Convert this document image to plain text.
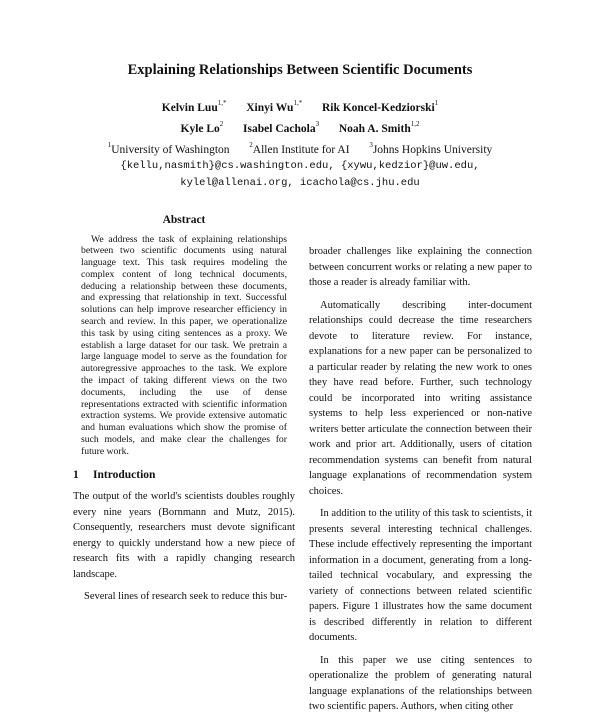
Explaining Relationships Between Scientific Documents
Kelvin Luu$^{1,*}$ Xinyi $Wu^{1,*}$ Rik Koncel-Kedziorski$^1$
Kyle Lo$^2$ Isabel Cachola$^3$ Noah A. Smith$^{1,2}$
$^1$University of Washington	$^2$Allen Institute for AI	$^3$Johns Hopkins University
{kellu,nasmith}@cs.washington.edu, {xywu,kedzior}@uw.edu,
kylel@allenai.org, icachola@cs.jhu.edu
Abstract
We address the task of explaining relationships between two scientific documents using natural language text. This task requires modeling the complex content of long technical documents, deducing a relationship between these documents, and expressing that relationship in text. Successful solutions can help improve researcher efficiency in search and review. In this paper, we operationalize this task by using citing sentences as a proxy. We establish a large dataset for our task. We pretrain a large language model to serve as the foundation for autoregressive approaches to the task. We explore the impact of taking different views on the two documents, including the use of dense representations extracted with scientific information extraction systems. We provide extensive automatic and human evaluations which show the promise of such models, and make clear the challenges for future work.
1 Introduction

The output of the world's scientists doubles roughly every nine years (Bornmann and Mutz, 2015). Consequently, researchers must devote significant energy to quickly understand how a new piece of research fits with a rapidly changing research landscape.

Several lines of research seek to reduce this bur-

broader challenges like explaining the connection between concurrent works or relating a new paper to those a reader is already familiar with.

Automatically describing inter-document relationships could decrease the time researchers devote to literature review. For instance, explanations for a new paper can be personalized to a particular reader by relating the new work to ones they have read before. Further, such technology could be incorporated into writing assistance systems to help less experienced or non-native writers better articulate the connection between their work and prior art. Additionally, users of citation recommendation systems can benefit from natural language explanations of recommendation system choices.

In addition to the utility of this task to scientists, it presents several interesting technical challenges. These include effectively representing the important information in a document, generating from a long-tailed technical vocabulary, and expressing the variety of connections between related scientific papers. Figure 1 illustrates how the same document is described differently in relation to different documents.

In this paper we use citing sentences to operationalize the problem of generating natural language explanations of the relationships between two scientific papers. Authors, when citing other
